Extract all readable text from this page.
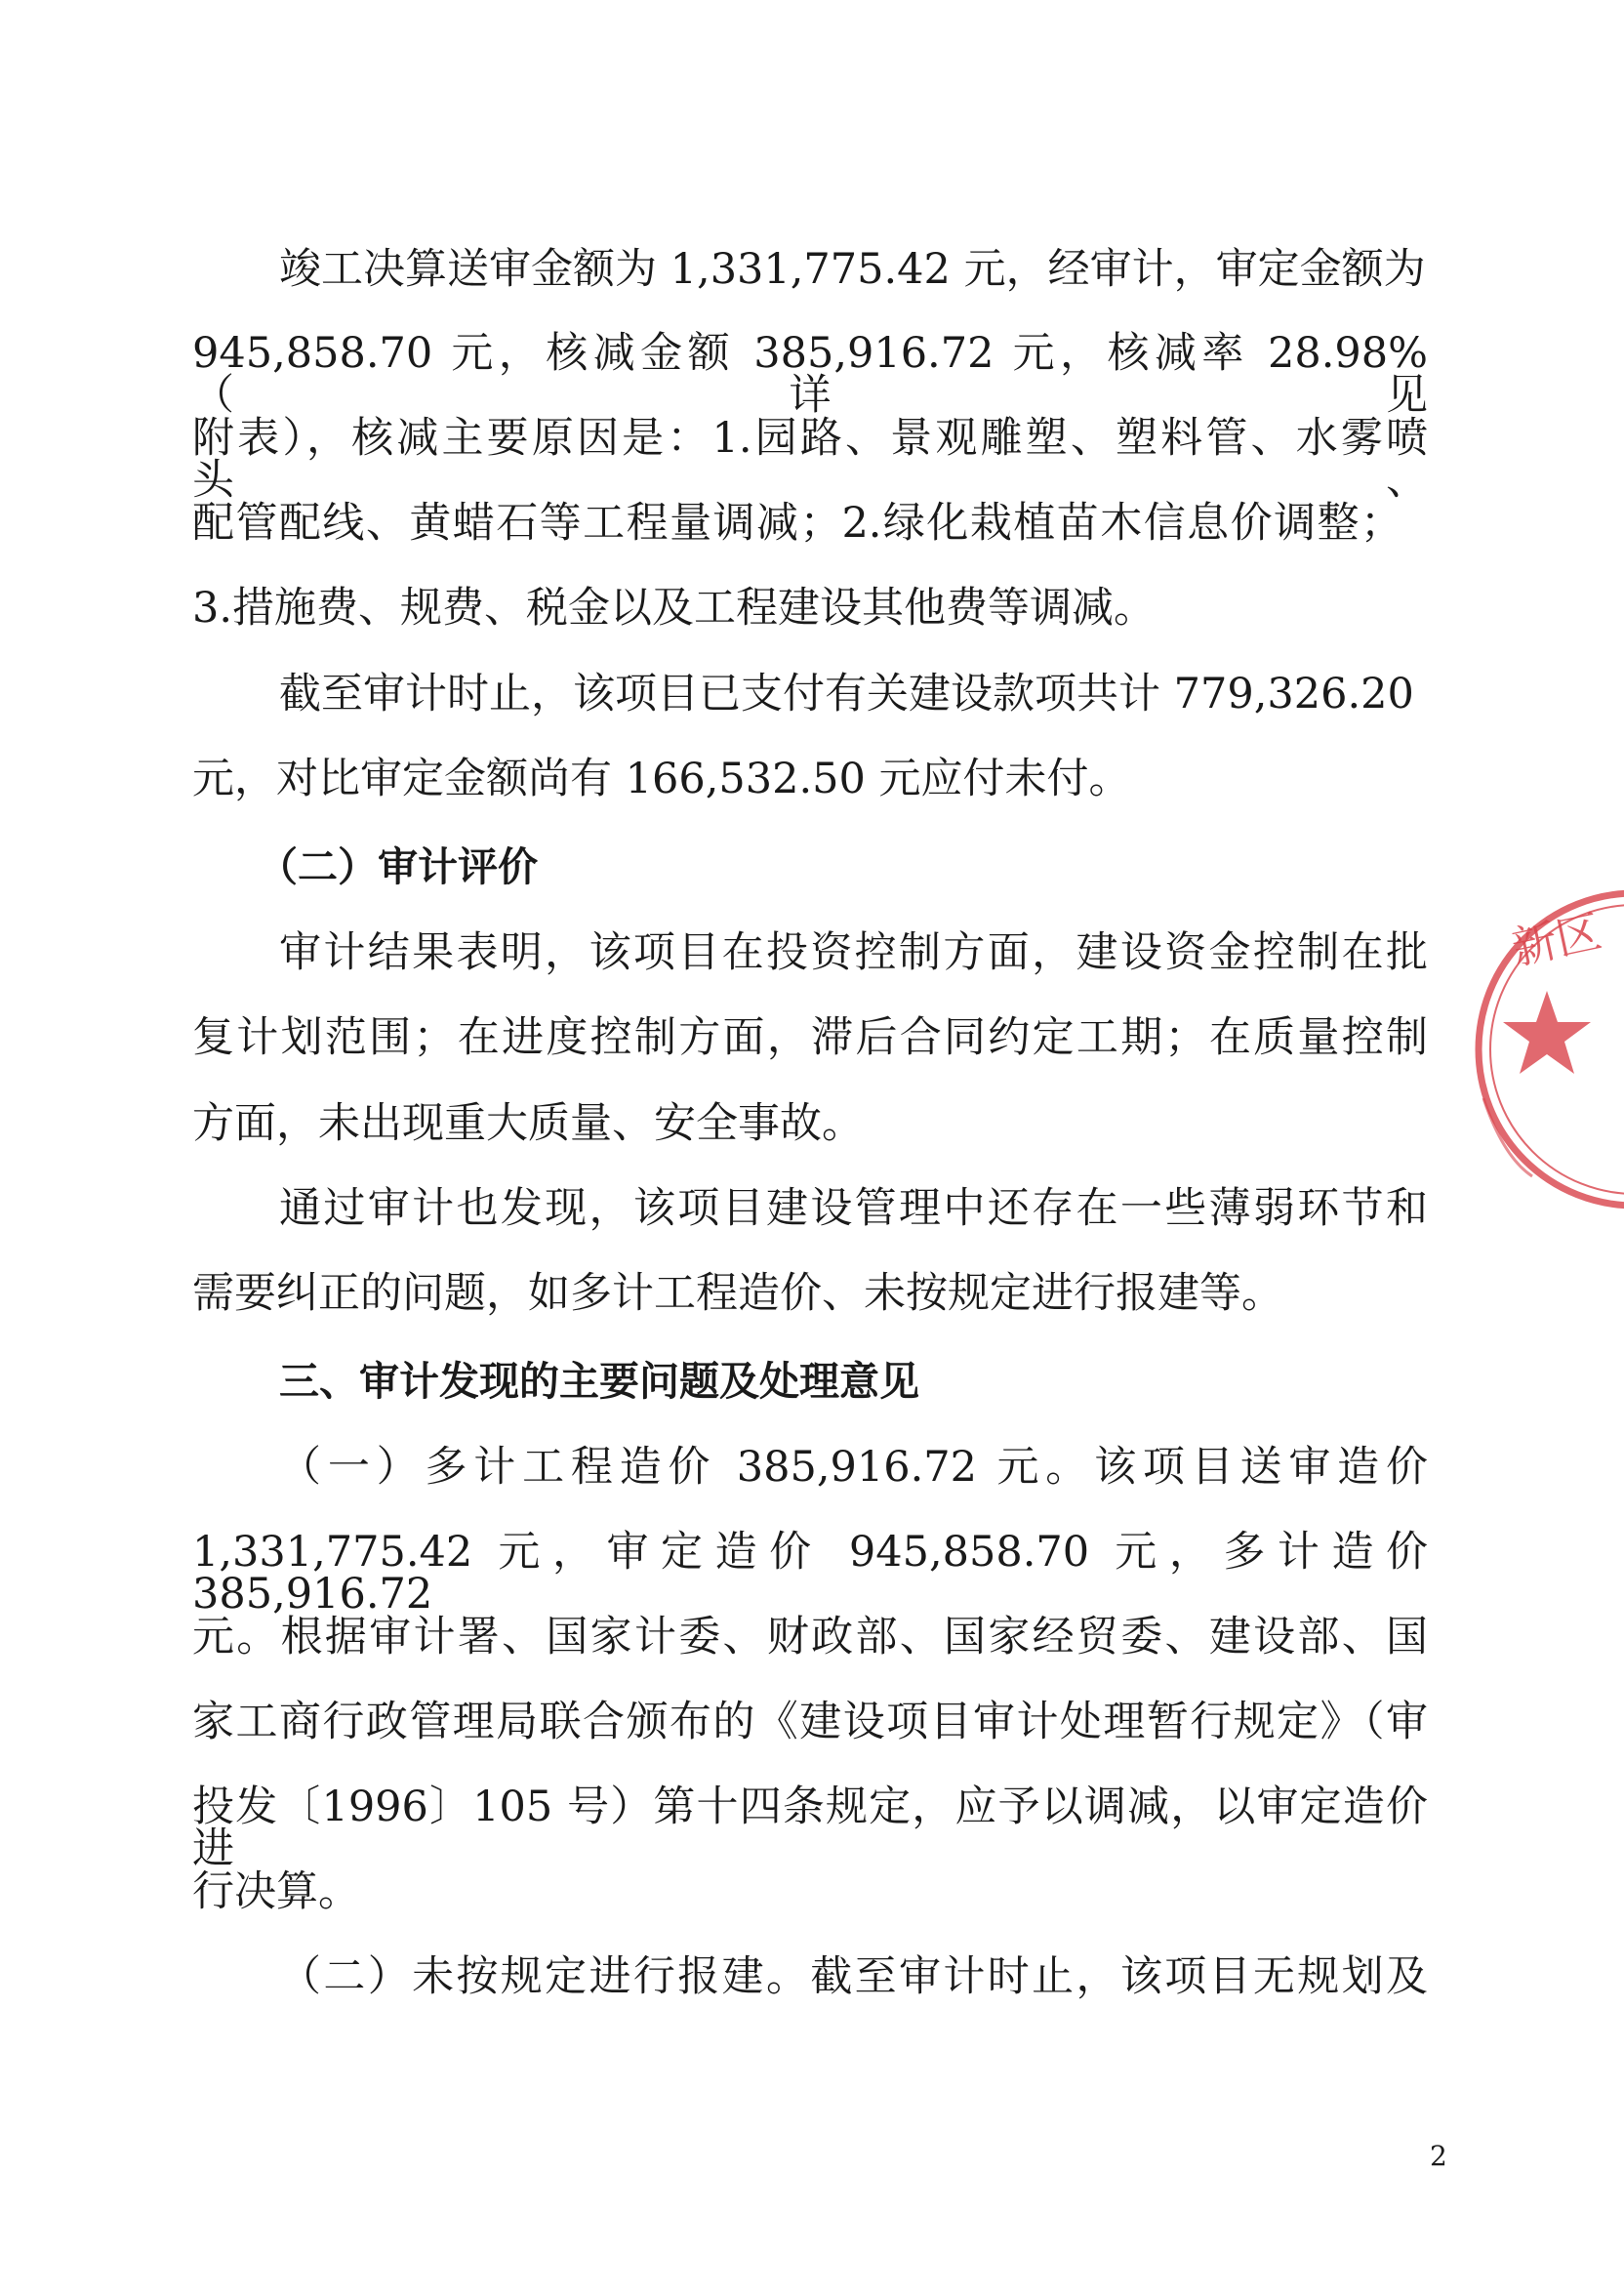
竣工决算送审金额为 1,331,775.42 元，经审计，审定金额为

945,858.70 元，核减金额 385,916.72 元，核减率 28.98%（详见

附表），核减主要原因是：1.园路、景观雕塑、塑料管、水雾喷头、

配管配线、黄蜡石等工程量调减；2.绿化栽植苗木信息价调整；

3.措施费、规费、税金以及工程建设其他费等调减。

截至审计时止，该项目已支付有关建设款项共计 779,326.20

元，对比审定金额尚有 166,532.50 元应付未付。

（二）审计评价

审计结果表明，该项目在投资控制方面，建设资金控制在批

复计划范围；在进度控制方面，滞后合同约定工期；在质量控制

方面，未出现重大质量、安全事故。

通过审计也发现，该项目建设管理中还存在一些薄弱环节和

需要纠正的问题，如多计工程造价、未按规定进行报建等。

三、审计发现的主要问题及处理意见

（一）多计工程造价 385,916.72 元。该项目送审造价

1,331,775.42 元，审定造价 945,858.70 元，多计造价 385,916.72

元。根据审计署、国家计委、财政部、国家经贸委、建设部、国

家工商行政管理局联合颁布的《建设项目审计处理暂行规定》（审

投发〔1996〕105 号）第十四条规定，应予以调减，以审定造价进

行决算。

（二）未按规定进行报建。截至审计时止，该项目无规划及

2
新区
